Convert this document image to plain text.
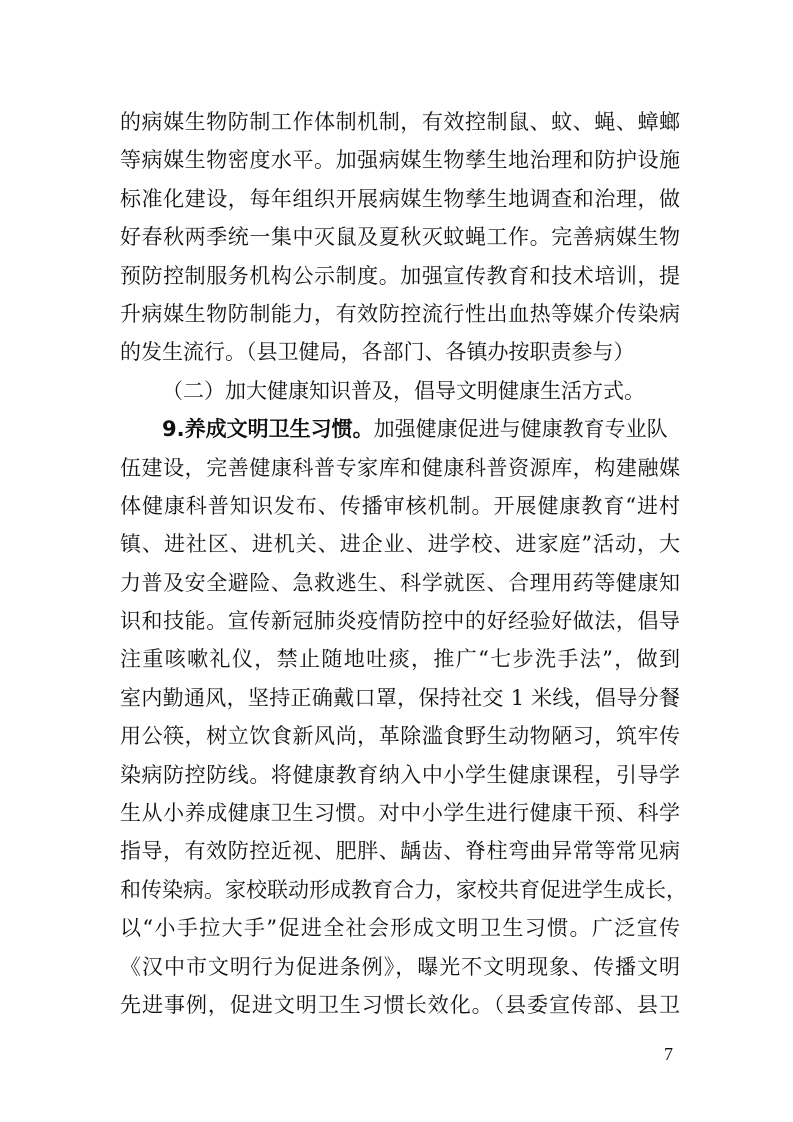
的病媒生物防制工作体制机制，有效控制鼠、蚊、蝇、蟑螂
等病媒生物密度水平。加强病媒生物孳生地治理和防护设施
标准化建设，每年组织开展病媒生物孳生地调查和治理，做
好春秋两季统一集中灭鼠及夏秋灭蚊蝇工作。完善病媒生物
预防控制服务机构公示制度。加强宣传教育和技术培训，提
升病媒生物防制能力，有效防控流行性出血热等媒介传染病
的发生流行。（县卫健局，各部门、各镇办按职责参与）
（二）加大健康知识普及，倡导文明健康生活方式。
9.养成文明卫生习惯。加强健康促进与健康教育专业队
伍建设，完善健康科普专家库和健康科普资源库，构建融媒
体健康科普知识发布、传播审核机制。开展健康教育“进村
镇、进社区、进机关、进企业、进学校、进家庭”活动，大
力普及安全避险、急救逃生、科学就医、合理用药等健康知
识和技能。宣传新冠肺炎疫情防控中的好经验好做法，倡导
注重咳嗽礼仪，禁止随地吐痰，推广“七步洗手法”，做到
室内勤通风，坚持正确戴口罩，保持社交 1 米线，倡导分餐
用公筷，树立饮食新风尚，革除滥食野生动物陋习，筑牢传
染病防控防线。将健康教育纳入中小学生健康课程，引导学
生从小养成健康卫生习惯。对中小学生进行健康干预、科学
指导，有效防控近视、肥胖、龋齿、脊柱弯曲异常等常见病
和传染病。家校联动形成教育合力，家校共育促进学生成长，
以“小手拉大手”促进全社会形成文明卫生习惯。广泛宣传
《汉中市文明行为促进条例》，曝光不文明现象、传播文明
先进事例，促进文明卫生习惯长效化。（县委宣传部、县卫
7
